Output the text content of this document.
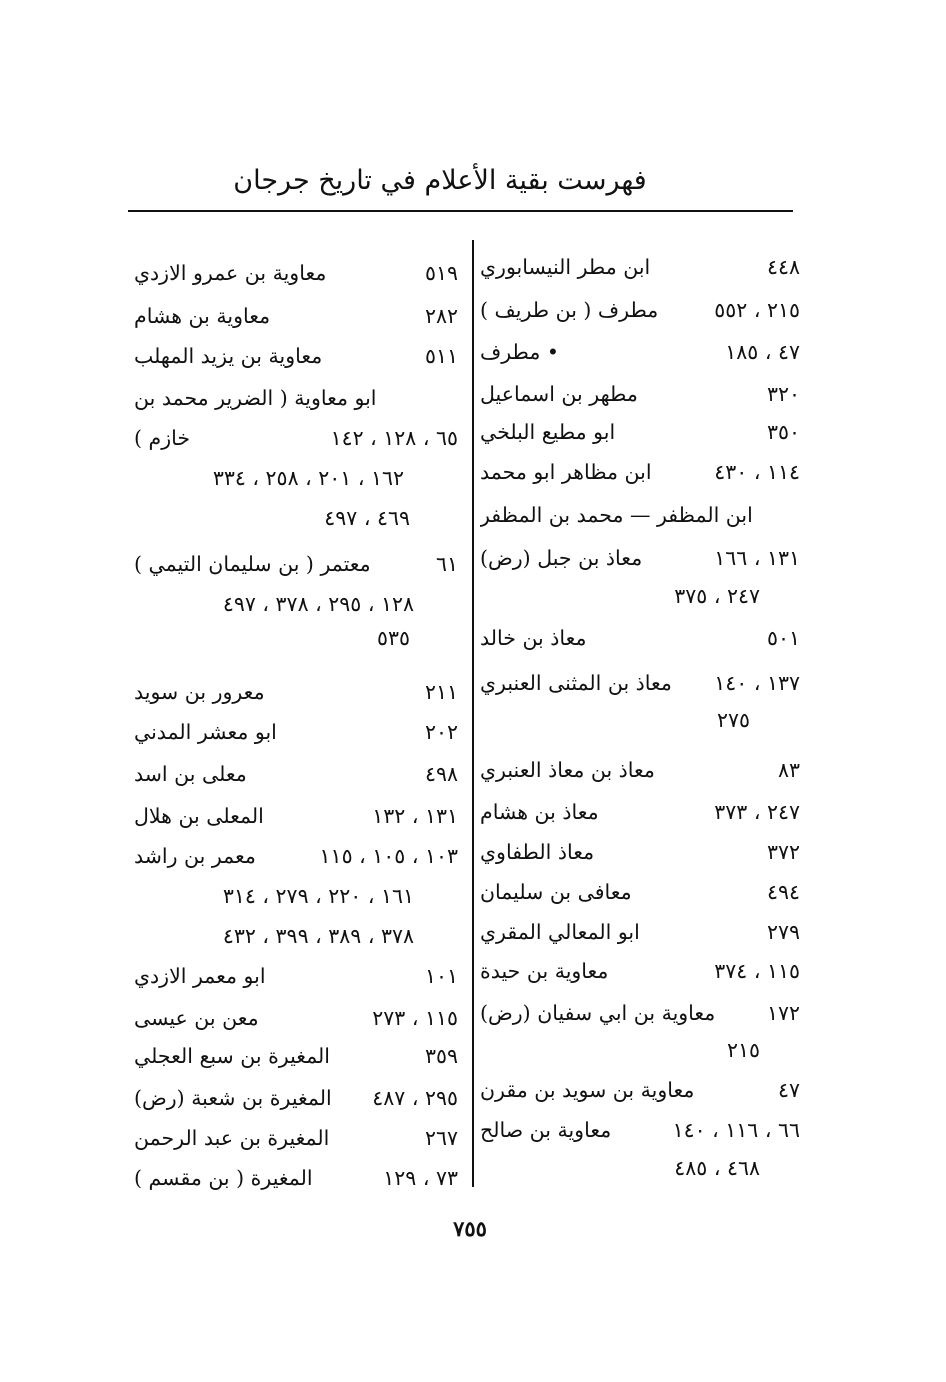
فهرست بقية الأعلام في تاريخ جرجان
ابن مطر النيسابوري	٤٤٨
مطرف ( بن طريف )	٢١٥ ، ٥٥٢
• مطرف	٤٧ ، ١٨٥
مطهر بن اسماعيل	٣٢٠
ابو مطيع البلخي	٣٥٠
ابن مظاهر ابو محمد	١١٤ ، ٤٣٠
ابن المظفر — محمد بن المظفر
معاذ بن جبل (رض)	١٣١ ، ١٦٦
٢٤٧ ، ٣٧٥
معاذ بن خالد	٥٠١
معاذ بن المثنى العنبري ١٣٧ ، ١٤٠
٢٧٥
معاذ بن معاذ العنبري	٨٣
معاذ بن هشام	٢٤٧ ، ٣٧٣
معاذ الطفاوي	٣٧٢
معافى بن سليمان	٤٩٤
ابو المعالي المقري	٢٧٩
معاوية بن حيدة	١١٥ ، ٣٧٤
معاوية بن ابي سفيان (رض)	١٧٢
٢١٥
معاوية بن سويد بن مقرن	٤٧
معاوية بن صالح	٦٦ ، ١١٦ ، ١٤٠
٤٦٨ ، ٤٨٥
معاوية بن عمرو الازدي	٥١٩
معاوية بن هشام	٢٨٢
معاوية بن يزيد المهلب	٥١١
ابو معاوية ( الضرير محمد بن
خازم )	٦٥ ، ١٢٨ ، ١٤٢
١٦٢ ، ٢٠١ ، ٢٥٨ ، ٣٣٤
٤٦٩ ، ٤٩٧
معتمر ( بن سليمان التيمي )	٦١
١٢٨ ، ٢٩٥ ، ٣٧٨ ، ٤٩٧
٥٣٥
معرور بن سويد	٢١١
ابو معشر المدني	٢٠٢
معلى بن اسد	٤٩٨
المعلى بن هلال	١٣١ ، ١٣٢
معمر بن راشد	١٠٣ ، ١٠٥ ، ١١٥
١٦١ ، ٢٢٠ ، ٢٧٩ ، ٣١٤
٣٧٨ ، ٣٨٩ ، ٣٩٩ ، ٤٣٢
ابو معمر الازدي	١٠١
معن بن عيسى	١١٥ ، ٢٧٣
المغيرة بن سبع العجلي	٣٥٩
المغيرة بن شعبة (رض) ٢٩٥ ، ٤٨٧
المغيرة بن عبد الرحمن	٢٦٧
المغيرة ( بن مقسم )	٧٣ ، ١٢٩
٧٥٥
